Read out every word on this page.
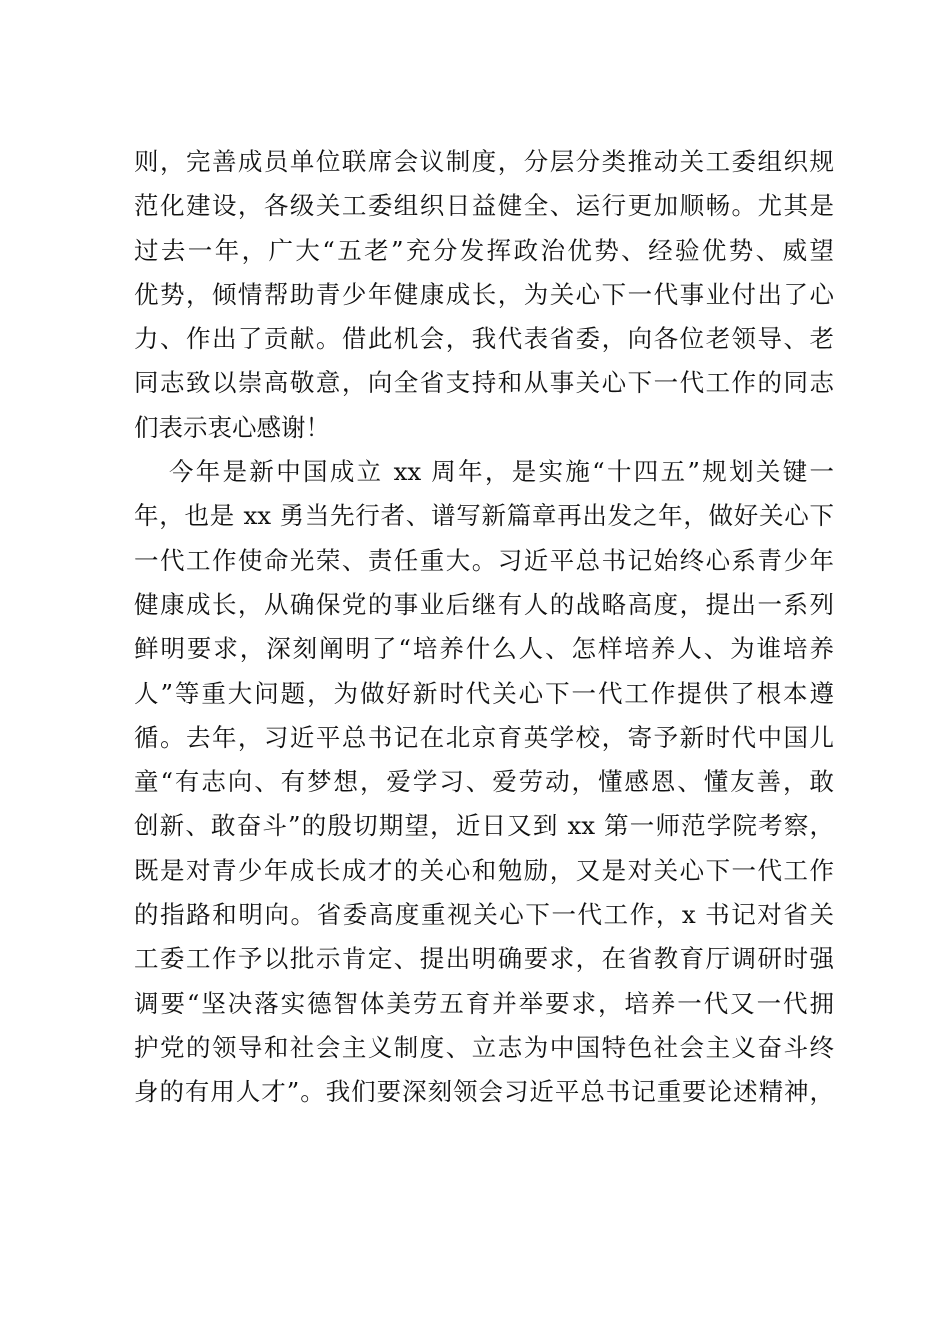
则，完善成员单位联席会议制度，分层分类推动关工委组织规
范化建设，各级关工委组织日益健全、运行更加顺畅。尤其是
过去一年，广大“五老”充分发挥政治优势、经验优势、威望
优势，倾情帮助青少年健康成长，为关心下一代事业付出了心
力、作出了贡献。借此机会，我代表省委，向各位老领导、老
同志致以崇高敬意，向全省支持和从事关心下一代工作的同志
们表示衷心感谢！
今年是新中国成立 xx 周年，是实施“十四五”规划关键一
年，也是 xx 勇当先行者、谱写新篇章再出发之年，做好关心下
一代工作使命光荣、责任重大。习近平总书记始终心系青少年
健康成长，从确保党的事业后继有人的战略高度，提出一系列
鲜明要求，深刻阐明了“培养什么人、怎样培养人、为谁培养
人”等重大问题，为做好新时代关心下一代工作提供了根本遵
循。去年，习近平总书记在北京育英学校，寄予新时代中国儿
童“有志向、有梦想，爱学习、爱劳动，懂感恩、懂友善，敢
创新、敢奋斗”的殷切期望，近日又到 xx 第一师范学院考察，
既是对青少年成长成才的关心和勉励，又是对关心下一代工作
的指路和明向。省委高度重视关心下一代工作，x 书记对省关
工委工作予以批示肯定、提出明确要求，在省教育厅调研时强
调要“坚决落实德智体美劳五育并举要求，培养一代又一代拥
护党的领导和社会主义制度、立志为中国特色社会主义奋斗终
身的有用人才”。我们要深刻领会习近平总书记重要论述精神，
